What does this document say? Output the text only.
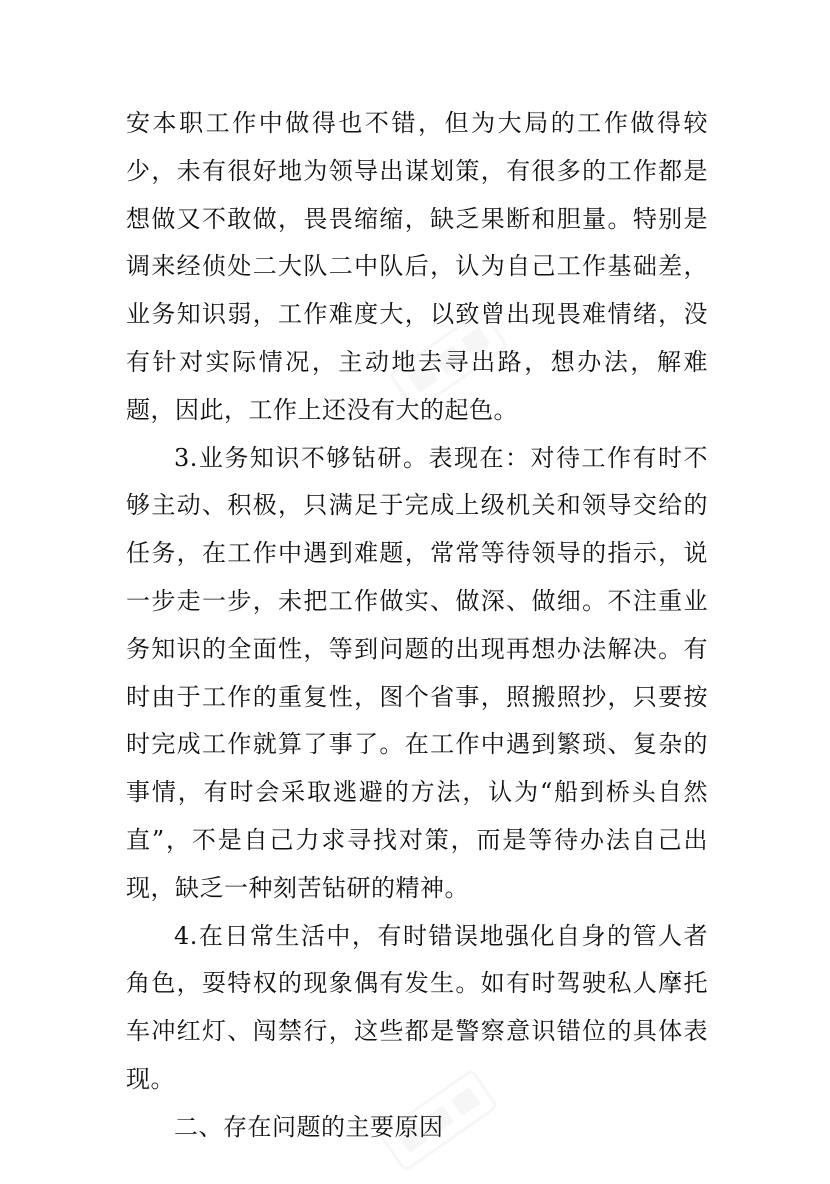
安本职工作中做得也不错，但为大局的工作做得较少，未有很好地为领导出谋划策，有很多的工作都是想做又不敢做，畏畏缩缩，缺乏果断和胆量。特别是调来经侦处二大队二中队后，认为自己工作基础差，业务知识弱，工作难度大，以致曾出现畏难情绪，没有针对实际情况，主动地去寻出路，想办法，解难题，因此，工作上还没有大的起色。

3.业务知识不够钻研。表现在：对待工作有时不够主动、积极，只满足于完成上级机关和领导交给的任务，在工作中遇到难题，常常等待领导的指示，说一步走一步，未把工作做实、做深、做细。不注重业务知识的全面性，等到问题的出现再想办法解决。有时由于工作的重复性，图个省事，照搬照抄，只要按时完成工作就算了事了。在工作中遇到繁琐、复杂的事情，有时会采取逃避的方法，认为“船到桥头自然直”，不是自己力求寻找对策，而是等待办法自己出现，缺乏一种刻苦钻研的精神。

4.在日常生活中，有时错误地强化自身的管人者角色，耍特权的现象偶有发生。如有时驾驶私人摩托车冲红灯、闯禁行，这些都是警察意识错位的具体表现。

二、存在问题的主要原因
